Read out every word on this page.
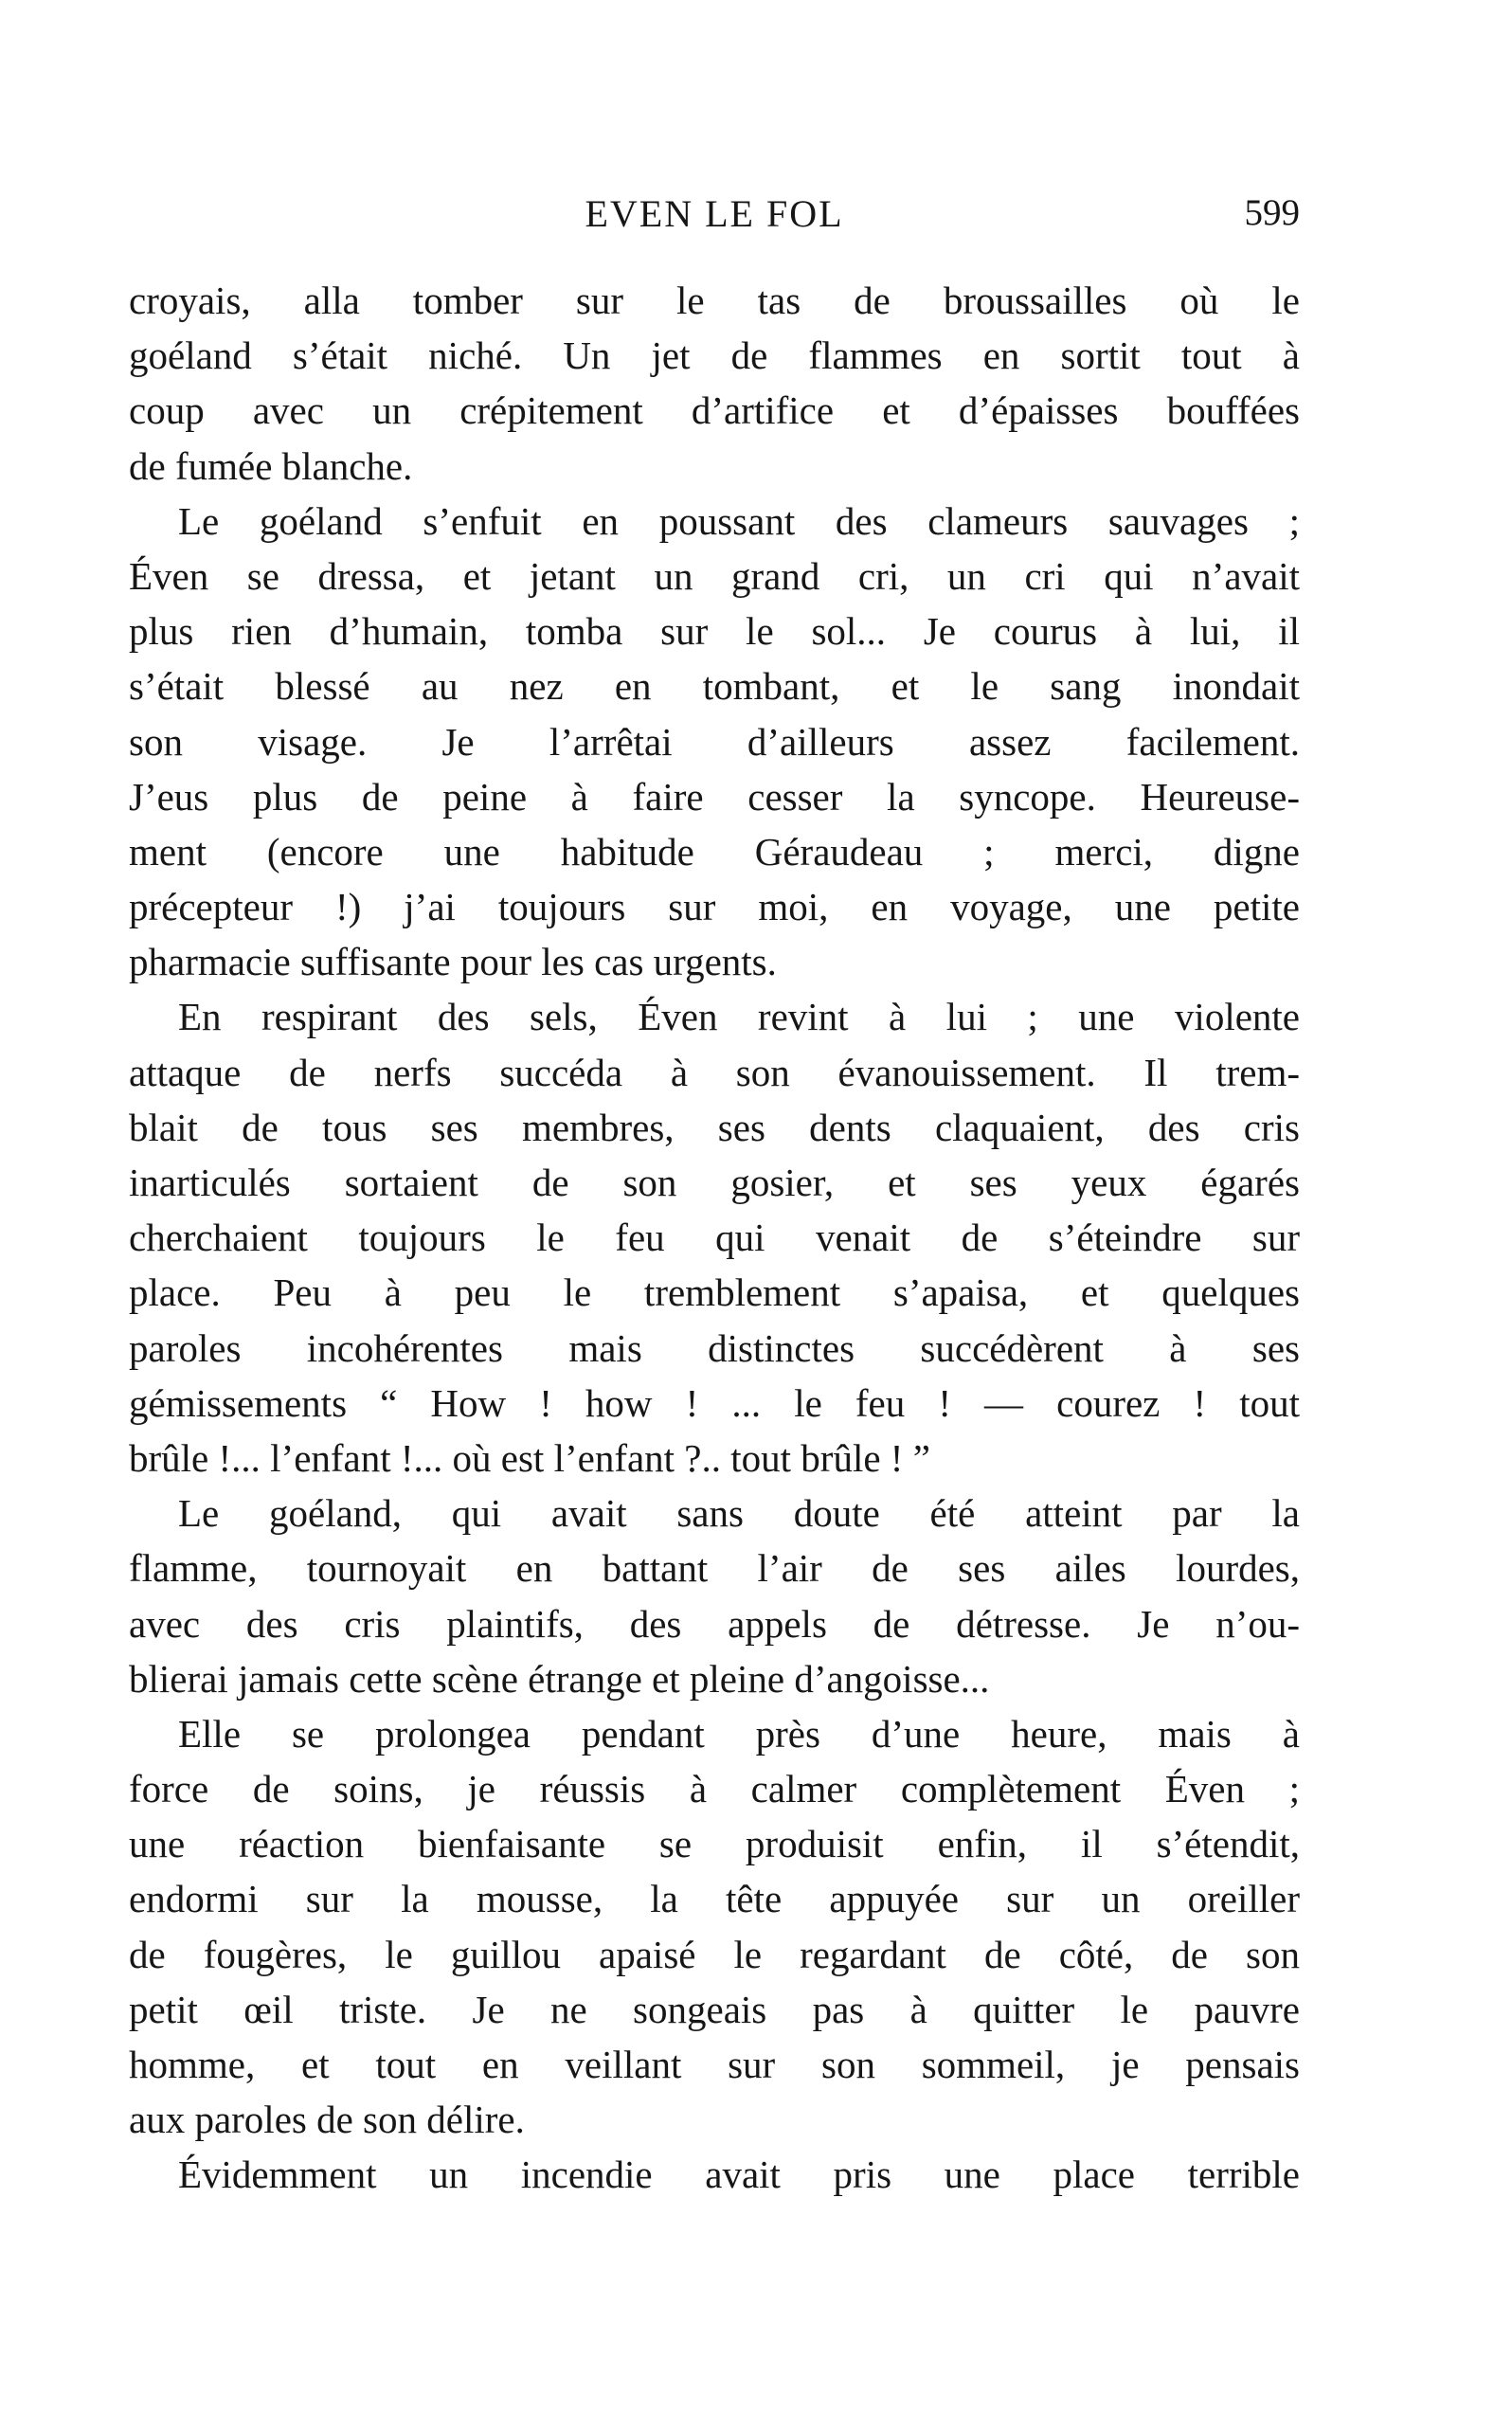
EVEN LE FOL	599
croyais, alla tomber sur le tas de broussailles où le
goéland s’était niché. Un jet de flammes en sortit tout à
coup avec un crépitement d’artifice et d’épaisses bouffées
de fumée blanche.
Le goéland s’enfuit en poussant des clameurs sauvages ;
Éven se dressa, et jetant un grand cri, un cri qui n’avait
plus rien d’humain, tomba sur le sol... Je courus à lui, il
s’était blessé au nez en tombant, et le sang inondait
son visage. Je l’arrêtai d’ailleurs assez facilement.
J’eus plus de peine à faire cesser la syncope. Heureuse-
ment (encore une habitude Géraudeau ; merci, digne
précepteur !) j’ai toujours sur moi, en voyage, une petite
pharmacie suffisante pour les cas urgents.
En respirant des sels, Éven revint à lui ; une violente
attaque de nerfs succéda à son évanouissement. Il trem-
blait de tous ses membres, ses dents claquaient, des cris
inarticulés sortaient de son gosier, et ses yeux égarés
cherchaient toujours le feu qui venait de s’éteindre sur
place. Peu à peu le tremblement s’apaisa, et quelques
paroles incohérentes mais distinctes succédèrent à ses
gémissements “ How ! how ! ... le feu ! — courez ! tout
brûle !... l’enfant !... où est l’enfant ?.. tout brûle ! ”
Le goéland, qui avait sans doute été atteint par la
flamme, tournoyait en battant l’air de ses ailes lourdes,
avec des cris plaintifs, des appels de détresse. Je n’ou-
blierai jamais cette scène étrange et pleine d’angoisse...
Elle se prolongea pendant près d’une heure, mais à
force de soins, je réussis à calmer complètement Éven ;
une réaction bienfaisante se produisit enfin, il s’étendit,
endormi sur la mousse, la tête appuyée sur un oreiller
de fougères, le guillou apaisé le regardant de côté, de son
petit œil triste. Je ne songeais pas à quitter le pauvre
homme, et tout en veillant sur son sommeil, je pensais
aux paroles de son délire.
Évidemment un incendie avait pris une place terrible
